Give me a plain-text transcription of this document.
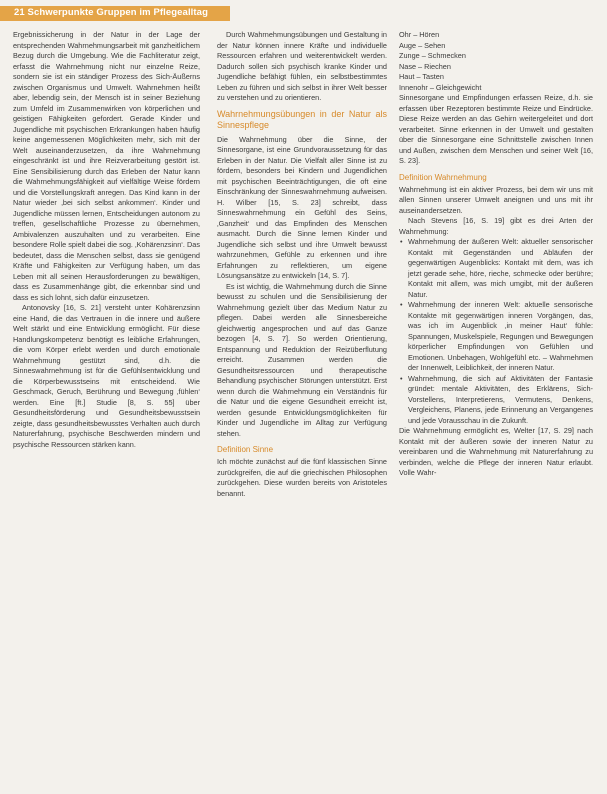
21 Schwerpunkte Gruppen im Pflegealltag

Ergebnissicherung in der Natur in der Lage der entsprechenden Wahrnehmungsarbeit mit ganzheitlichem Bezug durch die Umgebung. Wie die Fachliteratur zeigt, erfasst die Wahrnehmung nicht nur einzelne Reize, sondern sie ist ein ständiger Prozess des Sich-Äußerns zwischen Organismus und Umwelt. Wahrnehmen heißt aber, lebendig sein, der Mensch ist in seiner Beziehung zum Umfeld im Zusammenwirken von körperlichen und geistigen Fähigkeiten gefordert. Gerade Kinder und Jugendliche mit psychischen Erkrankungen haben häufig keine angemessenen Möglichkeiten mehr, sich mit der Welt auseinanderzusetzen, da ihre Wahrnehmung eingeschränkt ist und ihre Reizverarbeitung gestört ist. Eine Sensibilisierung durch das Erleben der Natur kann die Wahrnehmungsfähigkeit auf vielfältige Weise fördern und die Vorstellungskraft anregen. Das Kind kann in der Natur wieder ‚bei sich selbst ankommen‘. Kinder und Jugendliche müssen lernen, Entscheidungen autonom zu treffen, gesellschaftliche Prozesse zu übernehmen, Ambivalenzen auszuhalten und zu verarbeiten. Eine besondere Rolle spielt dabei die sog. ‚Kohärenzsinn‘. Das bedeutet, dass die Menschen selbst, dass sie genügend Kräfte und Fähigkeiten zur Verfügung haben, um das Leben mit all seinen Herausforderungen zu bewältigen, dass es Zusammenhänge gibt, die erkennbar sind und dass es sich lohnt, sich dafür einzusetzen.

Antonovsky [16, S. 21] versteht unter Kohärenzsinn eine Hand, die das Vertrauen in die innere und äußere Welt stärkt und eine Entwicklung ermöglicht. Für diese Handlungskompetenz benötigt es leibliche Erfahrungen, die vom Körper erlebt werden und durch emotionale Wahrnehmung gestützt sind, d.h. die Sinneswahrnehmung ist für die Gefühlsentwicklung und die Körperbewusstseins mit entscheidend. Wie Geschmack, Geruch, Berührung und Bewegung ‚fühlen‘ werden. Eine [ft.] Studie [8, S. 55] über Gesundheitsförderung und Gesundheitsbewusstsein zeigte, dass gesundheitsbewusstes Verhalten auch durch Naturerfahrung, psychische Beschwerden mindern und psychische Ressourcen stärken kann.

Durch Wahrnehmungsübungen und Gestaltung in der Natur können innere Kräfte und individuelle Ressourcen erfahren und weiterentwickelt werden. Dadurch sollen sich psychisch kranke Kinder und Jugendliche befähigt fühlen, ein selbstbestimmtes Leben zu führen und sich selbst in ihrer Welt besser zu verstehen und zu orientieren.

Wahrnehmungsübungen in der Natur als Sinnespflege

Die Wahrnehmung über die Sinne, der Sinnesorgane, ist eine Grundvoraussetzung für das Erleben in der Natur. Die Vielfalt aller Sinne ist zu fördern, besonders bei Kindern und Jugendlichen mit psychischen Beeinträchtigungen, die oft eine Einschränkung der Sinneswahrnehmung aufweisen. H. Wilber [15, S. 23] schreibt, dass Sinneswahrnehmung ein Gefühl des Seins, ‚Ganzheit‘ und das Empfinden des Menschen ausmacht. Durch die Sinne lernen Kinder und Jugendliche sich selbst und ihre Umwelt bewusst wahrzunehmen, Gefühle zu erkennen und ihre Erfahrungen zu reflektieren, um eigene Lösungsansätze zu entwickeln [14, S. 7].

Es ist wichtig, die Wahrnehmung durch die Sinne bewusst zu schulen und die Sensibilisierung der Wahrnehmung gezielt über das Medium Natur zu pflegen. Dabei werden alle Sinnesbereiche gleichwertig angesprochen und auf das Ganze bezogen [4, S. 7]. So werden Orientierung, Entspannung und Reduktion der Reizüberflutung erreicht. Zusammen werden die Gesundheitsressourcen und therapeutische Behandlung psychischer Störungen unterstützt. Erst wenn durch die Wahrnehmung ein Verständnis für die Natur und die eigene Gesundheit erreicht ist, werden gesunde Entwicklungsmöglichkeiten für Kinder und Jugendliche im Alltag zur Verfügung stehen.

Definition Sinne

Ich möchte zunächst auf die fünf klassischen Sinne zurückgreifen, die auf die griechischen Philosophen zurückgehen. Diese wurden bereits von Aristoteles benannt.

Ohr – Hören
Auge – Sehen
Zunge – Schmecken
Nase – Riechen
Haut – Tasten
Innenohr – Gleichgewicht

Sinnesorgane und Empfindungen erfassen Reize, d.h. sie erfassen über Rezeptoren bestimmte Reize und Eindrücke. Diese Reize werden an das Gehirn weitergeleitet und dort verarbeitet. Sinne erkennen in der Umwelt und gestalten über die Sinnesorgane eine Schnittstelle zwischen Innen und Außen, zwischen dem Menschen und seiner Welt [16, S. 23].

Definition Wahrnehmung

Wahrnehmung ist ein aktiver Prozess, bei dem wir uns mit allen Sinnen unserer Umwelt aneignen und uns mit ihr auseinandersetzen.

Nach Stevens [16, S. 19] gibt es drei Arten der Wahrnehmung:

• Wahrnehmung der äußeren Welt: aktueller sensorischer Kontakt mit Gegenständen und Abläufen der gegenwärtigen Augenblicks: Kontakt mit dem, was ich jetzt gerade sehe, höre, rieche, schmecke oder berühre; Kontakt mit allem, was mich umgibt, mit der äußeren Natur.
• Wahrnehmung der inneren Welt: aktuelle sensorische Kontakte mit gegenwärtigen inneren Vorgängen, das, was ich im Augenblick ‚in meiner Haut‘ fühle: Spannungen, Muskelspiele, Regungen und Bewegungen körperlicher Empfindungen von Gefühlen und Emotionen. Unbehagen, Wohlgefühl etc. – Wahrnehmen der Innenwelt, Leiblichkeit, der inneren Natur.
• Wahrnehmung, die sich auf Aktivitäten der Fantasie gründet: mentale Aktivitäten, des Erklärens, Sich-Vorstellens, Interpretierens, Vermutens, Denkens, Vergleichens, Planens, jede Erinnerung an Vergangenes und jede Vorausschau in die Zukunft.

Die Wahrnehmung ermöglicht es, Welter [17, S. 29] nach Kontakt mit der äußeren sowie der inneren Natur zu vereinbaren und die Wahrnehmung mit Naturerfahrung zu verbinden, welche die Pflege der inneren Natur erlaubt. Volle Wahr-
